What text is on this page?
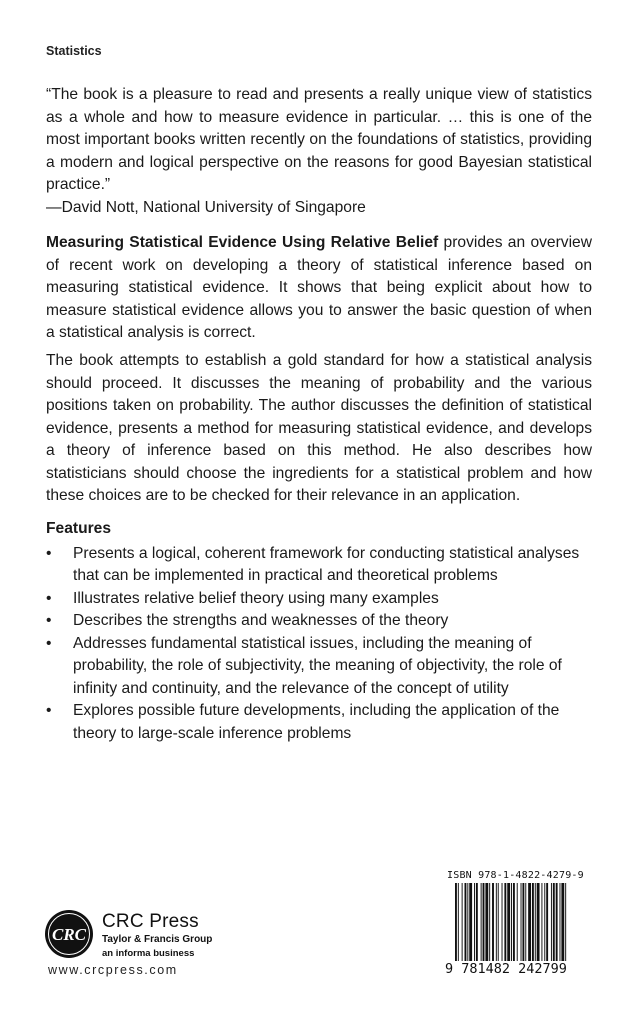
Statistics

“The book is a pleasure to read and presents a really unique view of statistics as a whole and how to measure evidence in particular. … this is one of the most important books written recently on the foundations of statistics, providing a modern and logical perspective on the reasons for good Bayesian statistical practice.”

—David Nott, National University of Singapore

Measuring Statistical Evidence Using Relative Belief provides an overview of recent work on developing a theory of statistical inference based on measuring statistical evidence. It shows that being explicit about how to measure statistical evidence allows you to answer the basic question of when a statistical analysis is correct.

The book attempts to establish a gold standard for how a statistical analysis should proceed. It discusses the meaning of probability and the various positions taken on probability. The author discusses the definition of statistical evidence, presents a method for measuring statistical evidence, and develops a theory of inference based on this method. He also describes how statisticians should choose the ingredients for a statistical problem and how these choices are to be checked for their relevance in an application.

Features
•	Presents a logical, coherent framework for conducting statistical analyses that can be implemented in practical and theoretical problems
•	Illustrates relative belief theory using many examples
•	Describes the strengths and weaknesses of the theory
•	Addresses fundamental statistical issues, including the meaning of probability, the role of subjectivity, the meaning of objectivity, the role of infinity and continuity, and the relevance of the concept of utility
•	Explores possible future developments, including the application of the theory to large-scale inference problems
CRC
CRC Press
Taylor & Francis Group
an informa business
www.crcpress.com
ISBN 978-1-4822-4279-9
9 781482 242799
